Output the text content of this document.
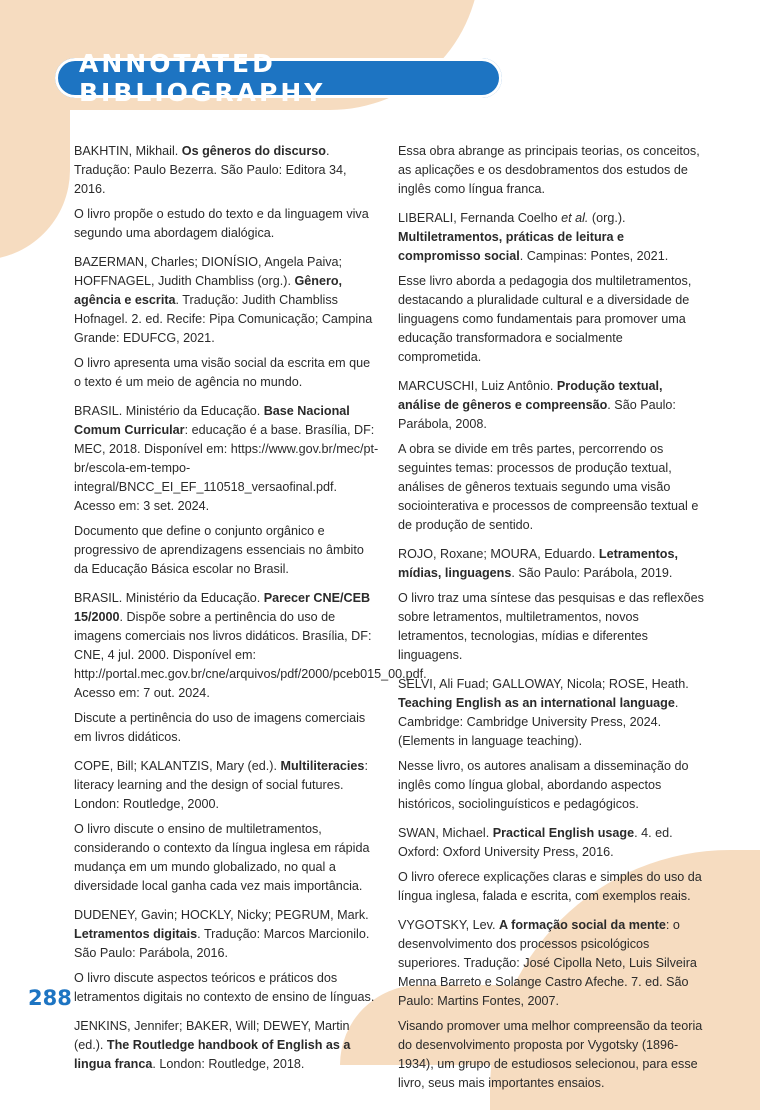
ANNOTATED BIBLIOGRAPHY

BAKHTIN, Mikhail. Os gêneros do discurso. Tradução: Paulo Bezerra. São Paulo: Editora 34, 2016.

O livro propõe o estudo do texto e da linguagem viva segundo uma abordagem dialógica.

BAZERMAN, Charles; DIONÍSIO, Angela Paiva; HOFFNAGEL, Judith Chambliss (org.). Gênero, agência e escrita. Tradução: Judith Chambliss Hofnagel. 2. ed. Recife: Pipa Comunicação; Campina Grande: EDUFCG, 2021.

O livro apresenta uma visão social da escrita em que o texto é um meio de agência no mundo.

BRASIL. Ministério da Educação. Base Nacional Comum Curricular: educação é a base. Brasília, DF: MEC, 2018. Disponível em: https://www.gov.br/mec/pt-br/escola-em-tempo-integral/BNCC_EI_EF_110518_versaofinal.pdf. Acesso em: 3 set. 2024.

Documento que define o conjunto orgânico e progressivo de aprendizagens essenciais no âmbito da Educação Básica escolar no Brasil.

BRASIL. Ministério da Educação. Parecer CNE/CEB 15/2000. Dispõe sobre a pertinência do uso de imagens comerciais nos livros didáticos. Brasília, DF: CNE, 4 jul. 2000. Disponível em: http://portal.mec.gov.br/cne/arquivos/pdf/2000/pceb015_00.pdf. Acesso em: 7 out. 2024.

Discute a pertinência do uso de imagens comerciais em livros didáticos.

COPE, Bill; KALANTZIS, Mary (ed.). Multiliteracies: literacy learning and the design of social futures. London: Routledge, 2000.

O livro discute o ensino de multiletramentos, considerando o contexto da língua inglesa em rápida mudança em um mundo globalizado, no qual a diversidade local ganha cada vez mais importância.

DUDENEY, Gavin; HOCKLY, Nicky; PEGRUM, Mark. Letramentos digitais. Tradução: Marcos Marcionilo. São Paulo: Parábola, 2016.

O livro discute aspectos teóricos e práticos dos letramentos digitais no contexto de ensino de línguas.

JENKINS, Jennifer; BAKER, Will; DEWEY, Martin (ed.). The Routledge handbook of English as a lingua franca. London: Routledge, 2018.

Essa obra abrange as principais teorias, os conceitos, as aplicações e os desdobramentos dos estudos de inglês como língua franca.

LIBERALI, Fernanda Coelho et al. (org.). Multiletramentos, práticas de leitura e compromisso social. Campinas: Pontes, 2021.

Esse livro aborda a pedagogia dos multiletramentos, destacando a pluralidade cultural e a diversidade de linguagens como fundamentais para promover uma educação transformadora e socialmente comprometida.

MARCUSCHI, Luiz Antônio. Produção textual, análise de gêneros e compreensão. São Paulo: Parábola, 2008.

A obra se divide em três partes, percorrendo os seguintes temas: processos de produção textual, análises de gêneros textuais segundo uma visão sociointerativa e processos de compreensão textual e de produção de sentido.

ROJO, Roxane; MOURA, Eduardo. Letramentos, mídias, linguagens. São Paulo: Parábola, 2019.

O livro traz uma síntese das pesquisas e das reflexões sobre letramentos, multiletramentos, novos letramentos, tecnologias, mídias e diferentes linguagens.

SELVI, Ali Fuad; GALLOWAY, Nicola; ROSE, Heath. Teaching English as an international language. Cambridge: Cambridge University Press, 2024. (Elements in language teaching).

Nesse livro, os autores analisam a disseminação do inglês como língua global, abordando aspectos históricos, sociolinguísticos e pedagógicos.

SWAN, Michael. Practical English usage. 4. ed. Oxford: Oxford University Press, 2016.

O livro oferece explicações claras e simples do uso da língua inglesa, falada e escrita, com exemplos reais.

VYGOTSKY, Lev. A formação social da mente: o desenvolvimento dos processos psicológicos superiores. Tradução: José Cipolla Neto, Luis Silveira Menna Barreto e Solange Castro Afeche. 7. ed. São Paulo: Martins Fontes, 2007.

Visando promover uma melhor compreensão da teoria do desenvolvimento proposta por Vygotsky (1896-1934), um grupo de estudiosos selecionou, para esse livro, seus mais importantes ensaios.

288
